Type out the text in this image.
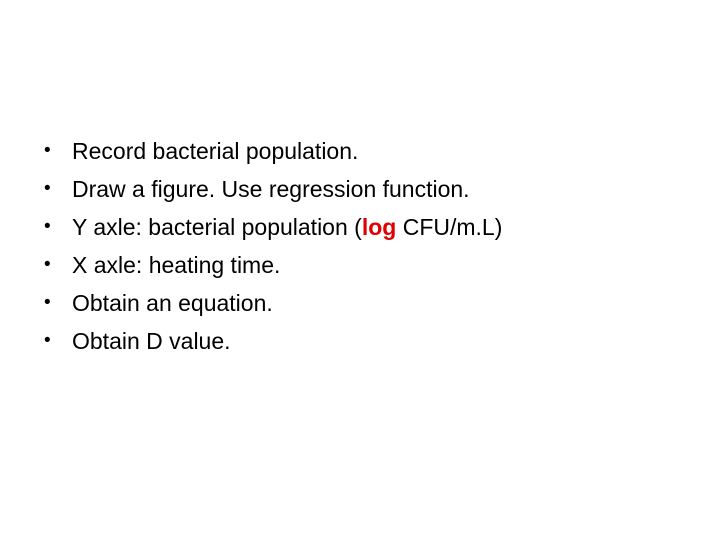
• Record bacterial population.
• Draw a figure. Use regression function.
• Y axle: bacterial population (log CFU/m.L)
• X axle: heating time.
• Obtain an equation.
• Obtain D value.
